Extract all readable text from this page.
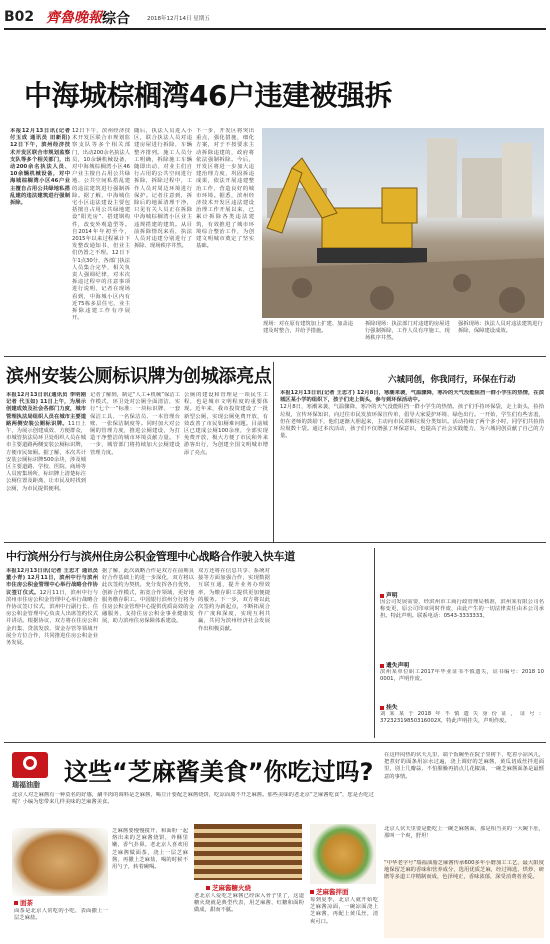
B02 齊魯晚報 综合	2018年12月14日 星期五
中海城棕榈湾46户违建被强拆
本报12月13日讯(记者 付玉成 通讯员 田新阳) 12日下午，滨州经济技术开发区联合市规划监察支队等多个相关部门，出动200余名执法人员、10余辆机械设备，对中海城棕榈湾小区46户业主擅自占用公共绿地私搭乱建的违法建筑进行强制拆除。
12日下午，滨州经济技术开发区联合市规划监察支队等多个相关部门，出动200余名执法人员，10余辆机械设备，对中海城棕榈湾小区46户业主擅自占用公共绿地、公共空间私搭乱建的违法建筑进行强制拆除。据了解，中海城住宅小区违法建设主要包括擅自占用公共绿地建设“阳光房”、搭建钢构件，改变外观造型等。自2014年年初至今，2015年以来过程累计下发整改通知书，但业主们仍置之不理。12日下午1点30分，各部门执法人员集合完毕，相关负责人强调纪律，对本次拆违过程中的注意事项进行说明，记者在现场看到，中海城小区内有近75栋多层住宅，业主拆除违建工作有序展开。
随后，执法人员进入小区，联合执法人员对违建房屋进行拆除，车辆整齐排列。施工人员分工明确，拆除施工车辆随即出动，对业主们自行占用的公共空间进行拆除，拆除过程中，工作人员对周边环境进行保护。记者注意到，拆除后的地面清理干净，只见有关人员正在拆除中海城棕榈湾小区业主违规搭建的建筑。从目前拆除情况来看，执法人员对违建分别进行了拆除、现场秩序井然。
下一步，开发区将突出重点，强化措施，细化方案，对于不按要求主动拆除违建的，政府将依法强制拆除。今后，开发区将进一步加大违建治理力度，巩固拆违成果，依法开展违建整治工作，营造良好的城市环境。据悉，滨州经济技术开发区违法建设治理工作开展以来，已累计拆除各类违法建筑，有效推进了城市环境综合整治工作，为创建文明城市奠定了坚实基础。
现场：对在原有建筑加上扩建、加盖违建及时整合，并给予措施。
拆除现场：执法部门对违建的房屋进行强制拆除，工作人员有序施工，现场秩序井然。
强拆现场：执法人员对违法建筑进行拆除，保障建设成效。
滨州安装公厕标识牌为创城添亮点
本报12月13日讯(通讯员 李明刚 记者 代玉如) 11日上午，为展示创建成效及社会各部门力度，城市管理执法局组织人员在城市主要道路两侧安装公厕标识牌。11日上午，为展示创建成效、方便群众，市城管执法局环卫处组织人员在城市主要道路两侧安装公厕标识牌，方便市民如厕。据了解，本次共计安装公厕标识牌500余块，涉及城区主要道路、学校、医院、商场等人员密集场所，标识牌上清楚标注公厕位置及距离，让市民及时找到公厕，为市民提供便利。
记者了解到，制定“人工+机械”保洁工作模式，环卫处对公厕全面清洁，实行“七个一”标准：一块标识牌、一套保洁工具、一名保洁员、一本管理台账、一张保洁制度等。同时加大对公厕的管理力度，推进公厕建设，为打造干净整洁的城市环境贡献力量。下一步，城管部门将持续加大公厕建设管理力度。
公厕的建设和管理是一项民生工程，也是城市文明程度的重要体现。近年来，我市投资建设了一批新型公厕，实现公厕免费开放，有效改善了市民如厕难问题。目前城区已建成公厕100余座，全部实现免费开放，极大方便了市民和外来游客出行，为创建全国文明城市增添了亮点。
六城同创，你我同行，环保在行动
本报12月13日讯(记者 王忠才) 12月8日，寒潮来袭，气温骤降，寒冷的天气没能阻挡一群小学生的热情，在滨城区某小学的组织下，孩子们走上街头，参与到环保活动中。
12月8日，寒潮来袭，气温骤降，寒冷的天气没能阻挡一群小学生的热情。孩子们手持环保袋，走上街头，捡拾垃圾，宣传环保知识，向过往市民发放环保宣传单，倡导大家爱护环境、绿色出行。一开始，学生们有些害羞，但在老师的鼓励下，他们逐渐大胆起来，主动向市民讲解垃圾分类知识。活动持续了两个多小时，同学们共捡拾垃圾数十袋。通过本次活动，孩子们不仅增强了环保意识，也提高了社会实践能力，为六城同创贡献了自己的力量。
中行滨州分行与滨州住房公积金管理中心战略合作驶入快车道
本报12月13日讯(记者 王忠才 通讯员 董小青) 12月11日，滨州中行与滨州市住房公积金管理中心举行战略合作协议签订仪式。12月11日，滨州中行与滨州市住房公积金管理中心举行战略合作协议签订仪式，滨州中行副行长、住房公积金管理中心负责人出席签约仪式并讲话。根据协议，双方将在住房公积金归集、贷款发放、资金存管等领域开展全方位合作，共同推进住房公积金业务发展。
据了解，此次战略合作是双方在前期良好合作基础上的进一步深化，双方将以此次签约为契机，充分发挥各自优势，创新合作模式，拓宽合作领域，更好地服务缴存职工。中国银行滨州分行将为住房公积金管理中心提供优质高效的金融服务，支持住房公积金事业健康发展，助力滨州住房保障体系建设。
双方还将在信息共享、系统对接等方面加强合作，实现数据互联互通，提升业务办理效率，为缴存职工提供更加便捷的服务。下一步，双方将以此次签约为新起点，不断拓展合作广度和深度，实现互利共赢，共同为滨州经济社会发展作出积极贡献。
声明
因公司发展需要，经滨州市工商行政管理局核准，滨州某有限公司名称变更，原公司印章同时作废，由此产生的一切法律责任由本公司承担。特此声明。联系电话：0543-3333333。
遗失声明
滨州某单位职工2017年毕业证书不慎遗失，证书编号：2018 10 0001，声明作废。
挂失
刘某某于2018年不慎遗失身份证，证号：37232319850316002X，特此声明挂失，声明作废。
瑞福油脂 这些“芝麻酱美食”你吃过吗?
北京人对芝麻酱有一种莫名的好感，涮羊肉的调料是芝麻酱，喝豆汁要配芝麻酱烧饼，吃凉面离不开芝麻酱。那些美味的老北京“芝麻酱吃食”，您是否吃过呢？小编为您带来几样美味的芝麻酱美食。
面茶
面茶是北京人常吃的小吃，表面撒上一层芝麻盐。
芝麻酱要慢慢搅开，和面粉一起烙出来的芝麻酱烧饼，外酥里嫩，香气扑鼻。老北京人喜欢用芝麻酱做面茶，浇上一层芝麻酱，再撒上芝麻盐，喝的时候不用勺子，转着碗喝。
芝麻酱糖火烧
老北京人爱吃芝麻酱已经深入骨子里了，这道糖火烧就是典型代表，用芝麻酱、红糖和面粉做成，甜而不腻。
芝麻酱拌面
每到夏季，北京人就开始吃芝麻酱凉面，一碗凉面浇上芝麻酱，再配上黄瓜丝，清爽可口。
在这样闷热的伏天儿里，端个饭碗坐在院子里树下，吃着小凉风儿，把煮好的面条用凉水过遍，浇上调好的芝麻酱，黄瓜切成丝拌进面里，别上几瓣蒜，不怕腥臊再捎点儿花椒油，一碗芝麻酱面条是最惬意的事情。
北京人伏天里要是能吃上一碗芝麻酱面，那是相当美的一大碗下肚，那叫一个爽，舒坦！
“中华老字号”瑞福油脂芝麻酱传承600多年小磨加工工艺，最大限度地保留芝麻的香味和营养成分，选用优质芝麻，经过筛选、烘炒、研磨等多道工序精制而成，色泽纯正，香味浓郁，深受消费者喜爱。
